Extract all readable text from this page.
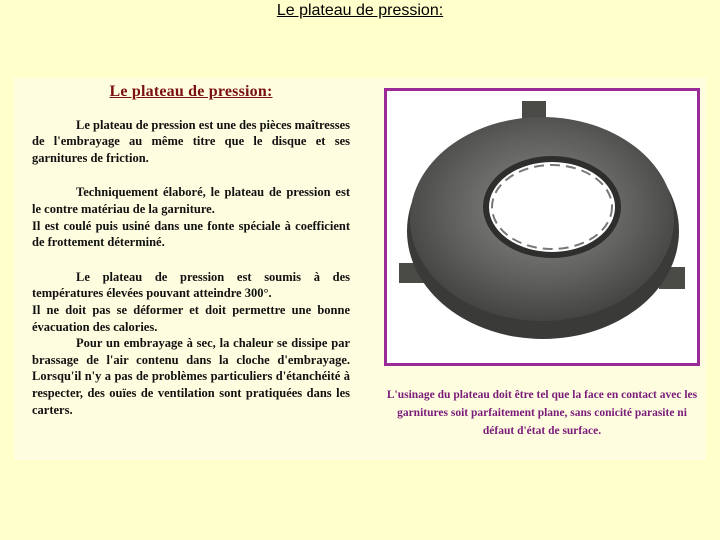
Le plateau de pression:
Le plateau de pression:

Le plateau de pression est une des pièces maîtresses de l'embrayage au même titre que le disque et ses garnitures de friction.

Techniquement élaboré, le plateau de pression est le contre matériau de la garniture.

Il est coulé puis usiné dans une fonte spéciale à coefficient de frottement déterminé.

Le plateau de pression est soumis à des températures élevées pouvant atteindre 300°.

Il ne doit pas se déformer et doit permettre une bonne évacuation des calories.

Pour un embrayage à sec, la chaleur se dissipe par brassage de l'air contenu dans la cloche d'embrayage. Lorsqu'il n'y a pas de problèmes particuliers d'étanchéité à respecter, des ouïes de ventilation sont pratiquées dans les carters.

L'usinage du plateau doit être tel que la face en contact avec les garnitures soit parfaitement plane, sans conicité parasite ni défaut d'état de surface.
